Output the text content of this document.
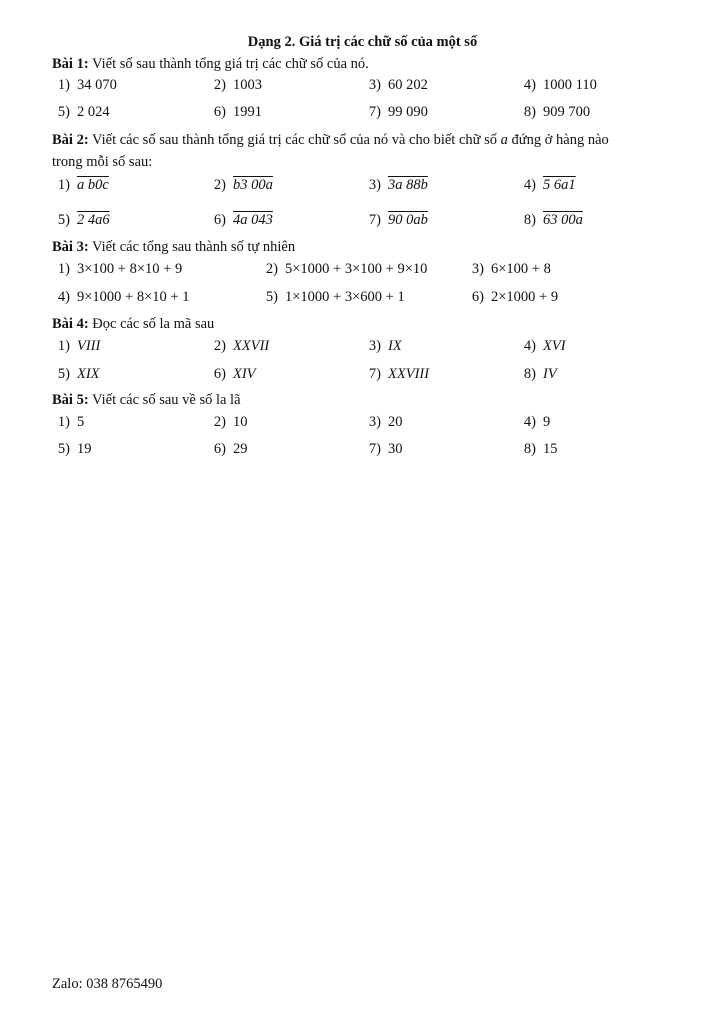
Dạng 2. Giá trị các chữ số của một số
Bài 1: Viết số sau thành tổng giá trị các chữ số của nó.
1) 34 070	2) 1003	3) 60 202	4) 1000 110
5) 2 024	6) 1991	7) 99 090	8) 909 700
Bài 2: Viết các số sau thành tổng giá trị các chữ số của nó và cho biết chữ số a đứng ở hàng nào
trong mỗi số sau:
1) a b0c	2) b3 00a	3) 3a 88b	4) 5 6a1
5) 2 4a6	6) 4a 043	7) 90 0ab	8) 63 00a
Bài 3: Viết các tổng sau thành số tự nhiên
1) 3×100 + 8×10 + 9	2) 5×1000 + 3×100 + 9×10	3) 6×100 + 8
4) 9×1000 + 8×10 + 1	5) 1×1000 + 3×600 + 1	6) 2×1000 + 9
Bài 4: Đọc các số la mã sau
1) VIII	2) XXVII	3) IX	4) XVI
5) XIX	6) XIV	7) XXVIII	8) IV
Bài 5: Viết các số sau về số la lã
1) 5	2) 10	3) 20	4) 9
5) 19	6) 29	7) 30	8) 15
Zalo: 038 8765490
